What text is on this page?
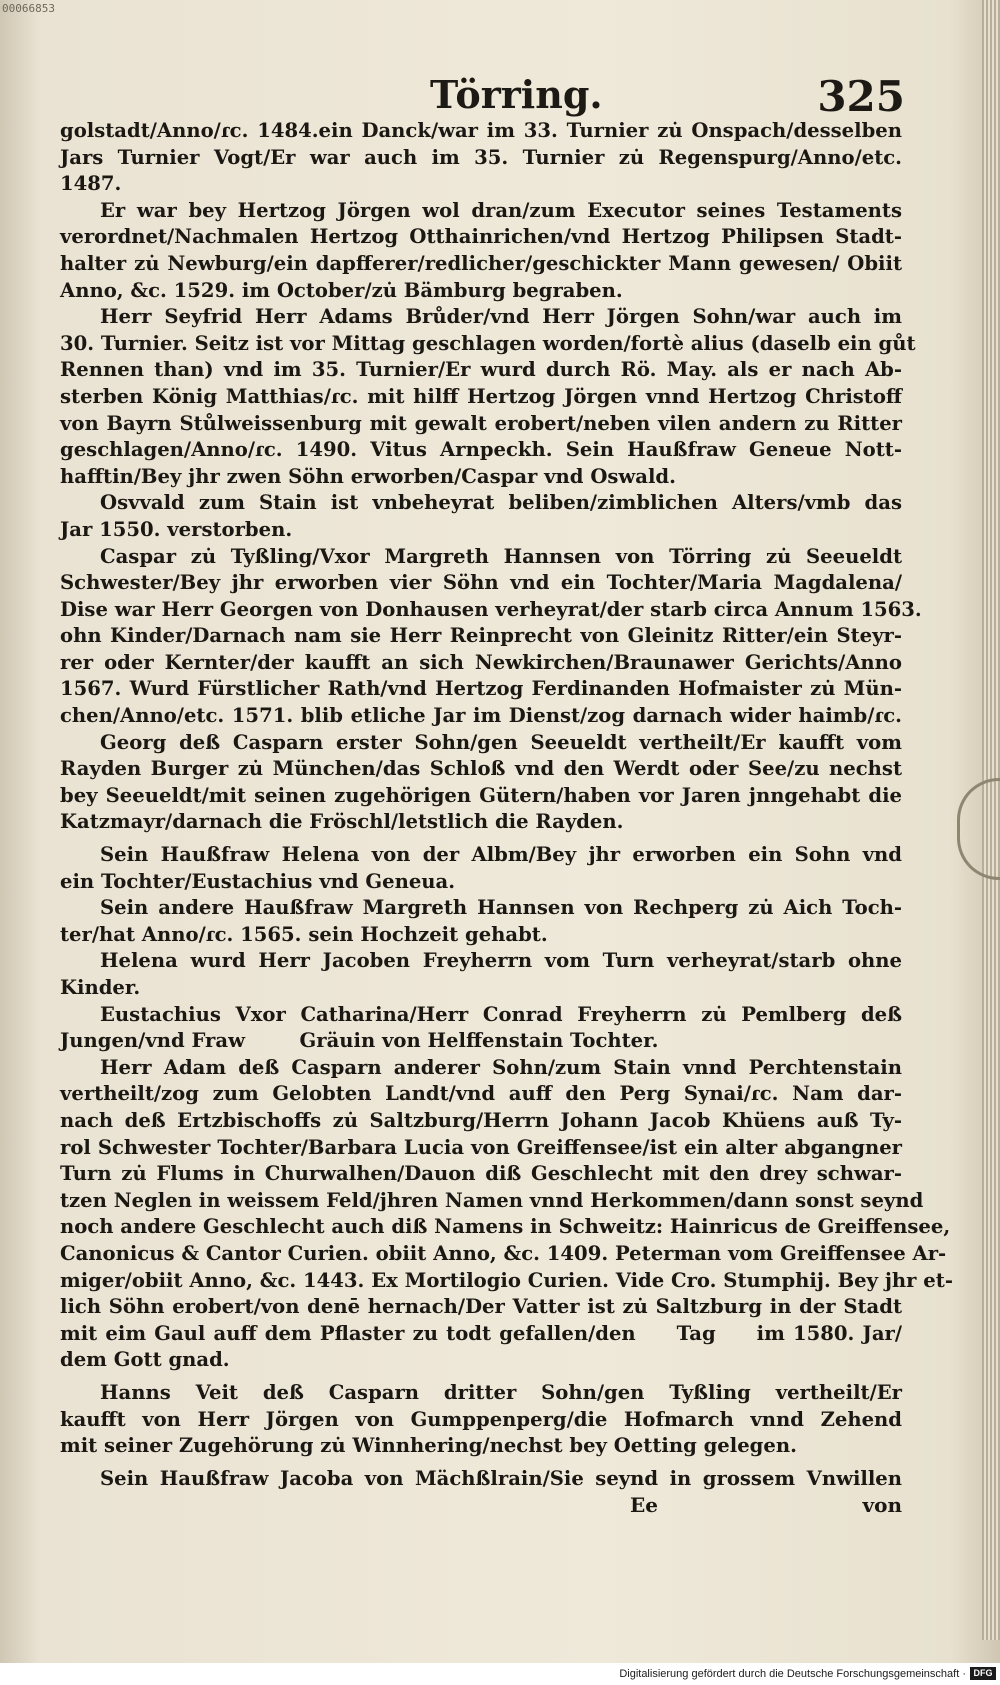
00066853
Törring.	325
golstadt/Anno/ɾc. 1484.ein Danck/war im 33. Turnier zu̇ Onspach/desselben
Jars Turnier Vogt/Er war auch im 35. Turnier zu̇ Regenspurg/Anno/etc.
1487.
Er war bey Hertzog Jörgen wol dran/zum Executor seines Testaments
verordnet/Nachmalen Hertzog Otthainrichen/vnd Hertzog Philipsen Stadt-
halter zu̇ Newburg/ein dapfferer/redlicher/geschickter Mann gewesen/ Obiit
Anno, &c. 1529. im October/zu̇ Bämburg begraben.
Herr Seyfrid Herr Adams Brůder/vnd Herr Jörgen Sohn/war auch im
30. Turnier. Seitz ist vor Mittag geschlagen worden/fortè alius (daselb ein gůt
Rennen than) vnd im 35. Turnier/Er wurd durch Rö. May. als er nach Ab-
sterben König Matthias/ɾc. mit hilff Hertzog Jörgen vnnd Hertzog Christoff
von Bayrn Stůlweissenburg mit gewalt erobert/neben vilen andern zu Ritter
geschlagen/Anno/ɾc. 1490. Vitus Arnpeckh. Sein Haußfraw Geneue Nott-
hafftin/Bey jhr zwen Söhn erworben/Caspar vnd Oswald.
Osvvald zum Stain ist vnbeheyrat beliben/zimblichen Alters/vmb das
Jar 1550. verstorben.
Caspar zu̇ Tyßling/Vxor Margreth Hannsen von Törring zu̇ Seeueldt
Schwester/Bey jhr erworben vier Söhn vnd ein Tochter/Maria Magdalena/
Dise war Herr Georgen von Donhausen verheyrat/der starb circa Annum 1563.
ohn Kinder/Darnach nam sie Herr Reinprecht von Gleinitz Ritter/ein Steyr-
rer oder Kernter/der kaufft an sich Newkirchen/Braunawer Gerichts/Anno
1567. Wurd Fürstlicher Rath/vnd Hertzog Ferdinanden Hofmaister zu̇ Mün-
chen/Anno/etc. 1571. blib etliche Jar im Dienst/zog darnach wider haimb/ɾc.
Georg deß Casparn erster Sohn/gen Seeueldt vertheilt/Er kaufft vom
Rayden Burger zu̇ München/das Schloß vnd den Werdt oder See/zu nechst
bey Seeueldt/mit seinen zugehörigen Gütern/haben vor Jaren jnngehabt die
Katzmayr/darnach die Fröschl/letstlich die Rayden.
Sein Haußfraw Helena von der Albm/Bey jhr erworben ein Sohn vnd
ein Tochter/Eustachius vnd Geneua.
Sein andere Haußfraw Margreth Hannsen von Rechperg zu̇ Aich Toch-
ter/hat Anno/ɾc. 1565. sein Hochzeit gehabt.
Helena wurd Herr Jacoben Freyherrn vom Turn verheyrat/starb ohne
Kinder.
Eustachius Vxor Catharina/Herr Conrad Freyherrn zu̇ Pemlberg deß
Jungen/vnd Fraw        Gräuin von Helffenstain Tochter.
Herr Adam deß Casparn anderer Sohn/zum Stain vnnd Perchtenstain
vertheilt/zog zum Gelobten Landt/vnd auff den Perg Synai/ɾc. Nam dar-
nach deß Ertzbischoffs zu̇ Saltzburg/Herrn Johann Jacob Khüens auß Ty-
rol Schwester Tochter/Barbara Lucia von Greiffensee/ist ein alter abgangner
Turn zu̇ Flums in Churwalhen/Dauon diß Geschlecht mit den drey schwar-
tzen Neglen in weissem Feld/jhren Namen vnnd Herkommen/dann sonst seynd
noch andere Geschlecht auch diß Namens in Schweitz: Hainricus de Greiffensee,
Canonicus & Cantor Curien. obiit Anno, &c. 1409. Peterman vom Greiffensee Ar-
miger/obiit Anno, &c. 1443. Ex Mortilogio Curien. Vide Cro. Stumphij. Bey jhr et-
lich Söhn erobert/von denē hernach/Der Vatter ist zu̇ Saltzburg in der Stadt
mit eim Gaul auff dem Pflaster zu todt gefallen/den     Tag     im 1580. Jar/
dem Gott gnad.
Hanns Veit deß Casparn dritter Sohn/gen Tyßling vertheilt/Er
kaufft von Herr Jörgen von Gumppenperg/die Hofmarch vnnd Zehend
mit seiner Zugehörung zu̇ Winnhering/nechst bey Oetting gelegen.
Sein Haußfraw Jacoba von Mächßlrain/Sie seynd in grossem Vnwillen
Ee	von
Digitalisierung gefördert durch die Deutsche Forschungsgemeinschaft · DFG
